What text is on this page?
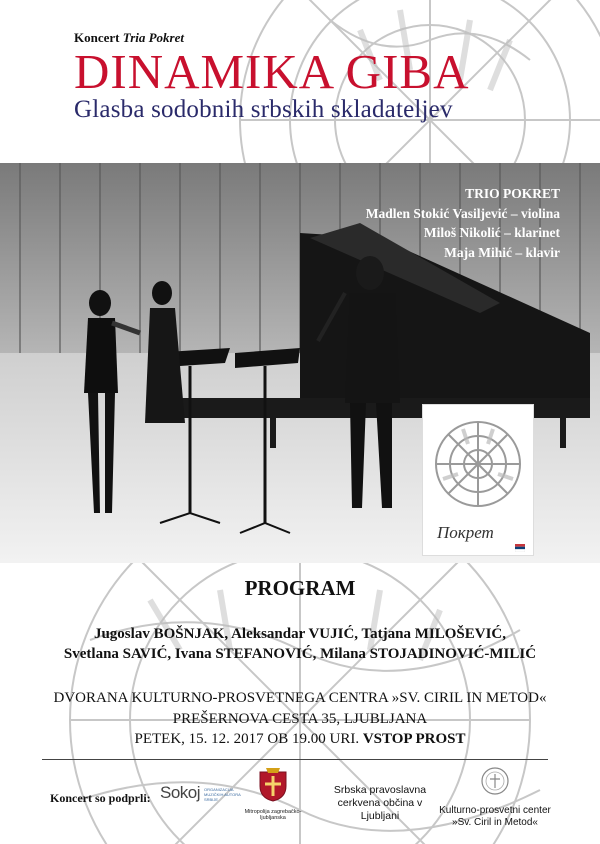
Koncert Tria Pokret
DINAMIKA GIBA
Glasba sodobnih srbskih skladateljev
TRIO POKRET
Madlen Stokić Vasiljević – violina
Miloš Nikolić – klarinet
Maja Mihić – klavir
Покрет
PROGRAM
Jugoslav BOŠNJAK, Aleksandar VUJIĆ, Tatjana MILOŠEVIĆ,
Svetlana SAVIĆ, Ivana STEFANOVIĆ, Milana STOJADINOVIĆ-MILIĆ
DVORANA KULTURNO-PROSVETNEGA CENTRA »SV. CIRIL IN METOD«
PREŠERNOVA CESTA 35, LJUBLJANA
PETEK, 15. 12. 2017 OB 19.00 URI. VSTOP PROST
Koncert so podprli: Sokoj ORGANIZACIJA MUZIČKIH AUTORA SRBIJE
Mitropolija zagrebačko-ljubljanska
Srbska pravoslavna
cerkvena občina v Ljubljani	Kulturno-prosvetni center
»Sv. Ciril in Metod«
